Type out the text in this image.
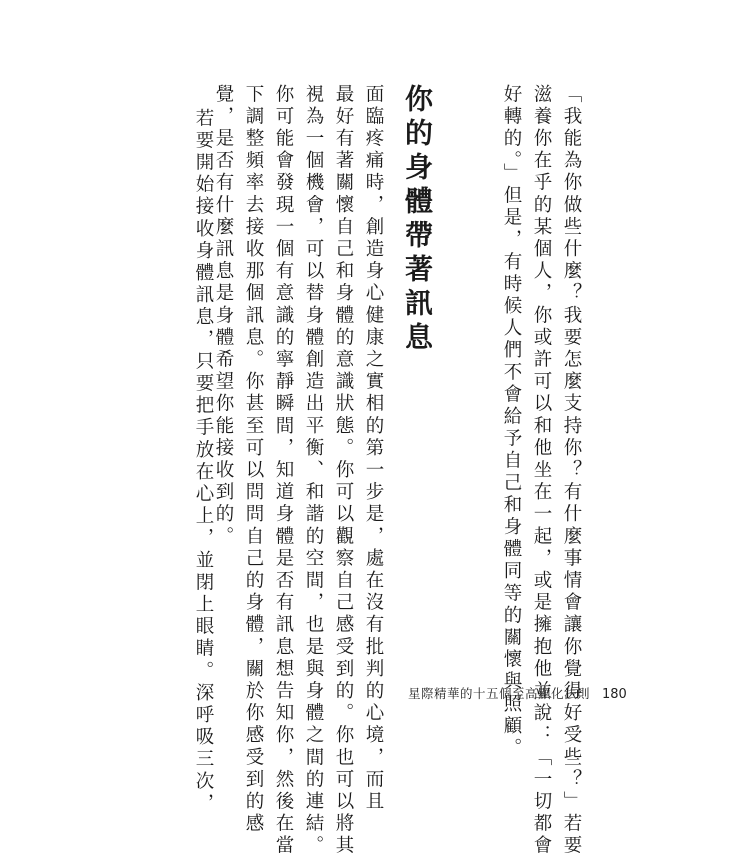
「我能為你做些什麼？我要怎麼支持你？有什麼事情會讓你覺得好受些？」若要
滋養你在乎的某個人，你或許可以和他坐在一起，或是擁抱他並說：「一切都會
好轉的。」但是，有時候人們不會給予自己和身體同等的關懷與照顧。
你的身體帶著訊息
面臨疼痛時，創造身心健康之實相的第一步是，處在沒有批判的心境，而且
最好有著關懷自己和身體的意識狀態。你可以觀察自己感受到的。你也可以將其
視為一個機會，可以替身體創造出平衡、和諧的空間，也是與身體之間的連結。
你可能會發現一個有意識的寧靜瞬間，知道身體是否有訊息想告知你，然後在當
下調整頻率去接收那個訊息。你甚至可以問問自己的身體，關於你感受到的感
覺，是否有什麼訊息是身體希望你能接收到的。
若要開始接收身體訊息，只要把手放在心上，並閉上眼睛。深呼吸三次，	星際精華的十五個至高顯化法則 180
